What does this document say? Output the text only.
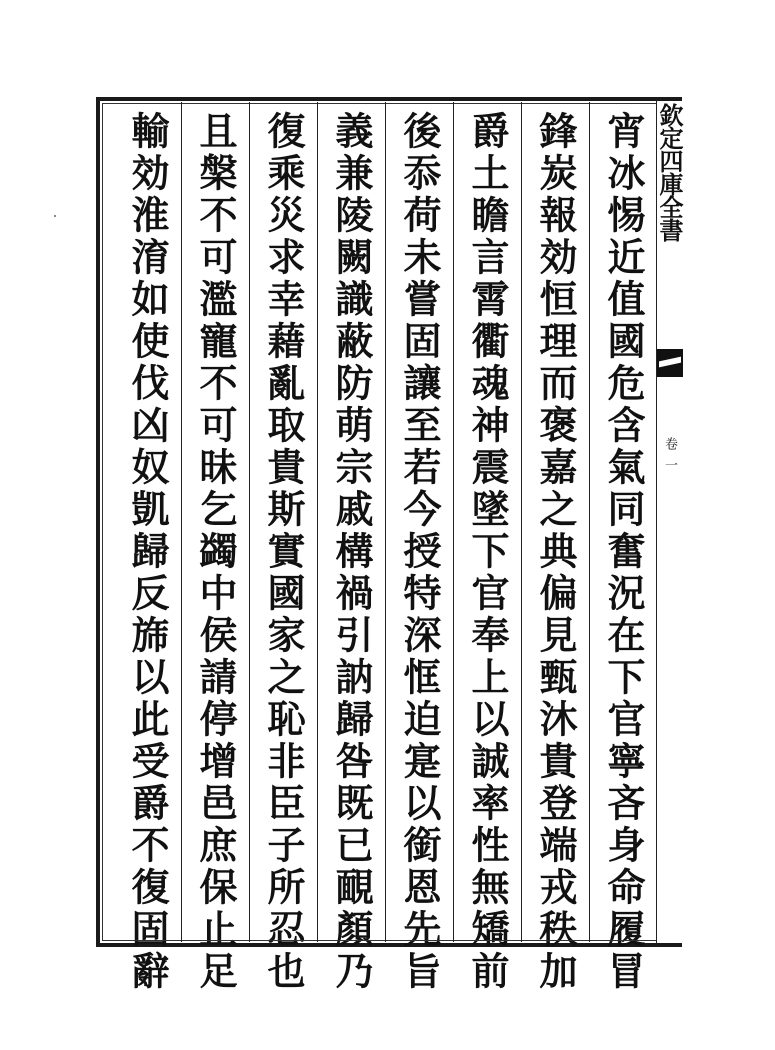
宵冰惕近值國危含氣同奮況在下官寧吝身命履冒
鋒炭報効恒理而褒嘉之典偏見甄沐貴登端戎秩加
爵土瞻言霄衢魂神震墜下官奉上以誠率性無矯前
後忝荷未嘗固讓至若今授特深恇迫寔以銜恩先旨
義兼陵闕識蔽防萌宗戚構禍引訥歸咎既已靦顏乃
復乘災求幸藉亂取貴斯實國家之恥非臣子所忍也
且槃不可濫寵不可昧乞蠲中侯請停增邑庶保止足
輸効淮淯如使伐凶奴凱歸反旆以此受爵不復固辭	欽定四庫全書
卷一
